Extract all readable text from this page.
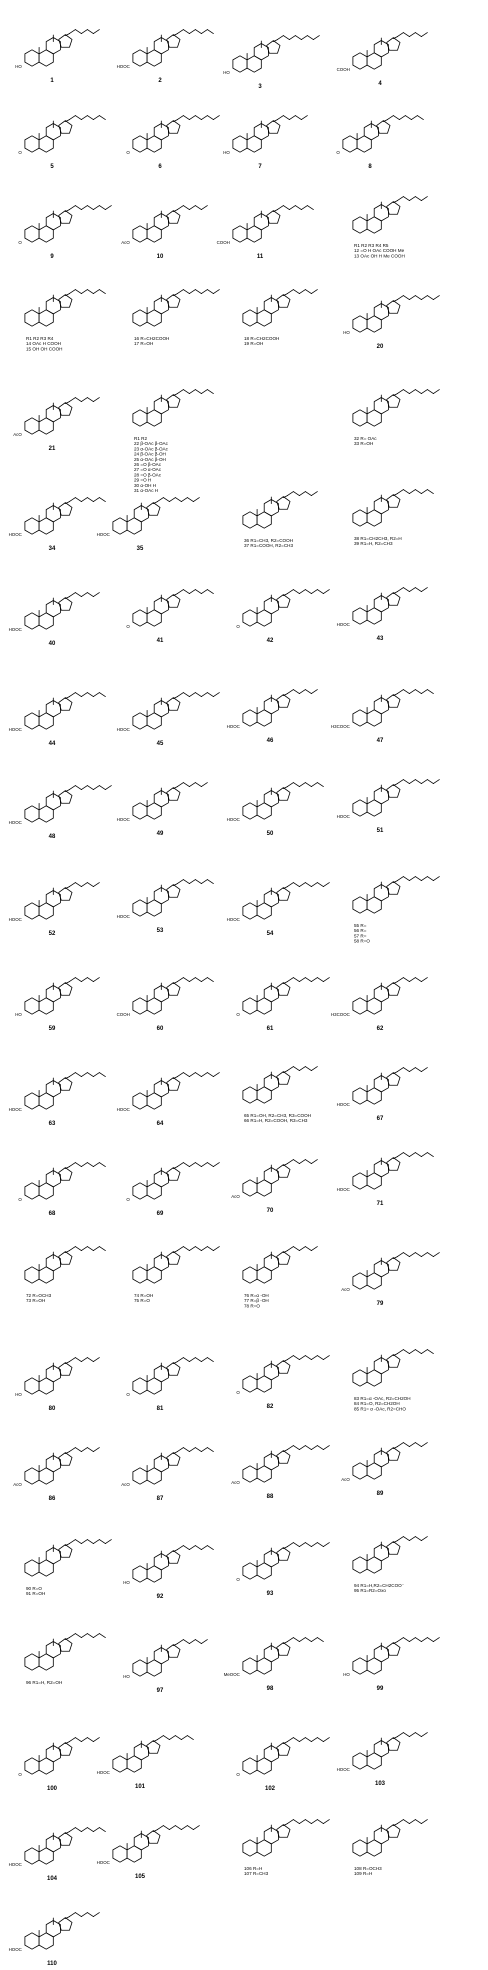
HO
1
HOOC
2
HO
3
COOH
4
O
5
O
6
HO
7
O
8
O
9
AcO
10
COOH
11
HO
20
AcO
21
HOOC
34
HOOC
35
HOOC
40
O
41
O
42
HOOC
43
HOOC
44
HOOC
45
HOOC
46
H3COOC
47
HOOC
48
HOOC
49
HOOC
50
HOOC
51
HOOC
52
HOOC
53
HOOC
54
HO
59
COOH
60
O
61
H3COOC
62
HOOC
63
HOOC
64
HOOC
67
O
68
O
69
AcO
70
HOOC
71
AcO
79
HO
80
O
81
O
82
AcO
86
AcO
87
AcO
88
AcO
89
HO
92
O
93
HO
97
MeOOC
98
HO
99
O
100
HOOC
101
O
102
HOOC
103
HOOC
104
HOOC
105
HOOC
110
R1 R2 R3 R4 R5
12 =O H OAc COOH Me
13 OAc OH H Me COOH
R1 R2 R3 R4
14 OAc H COOH
15 OH OH COOH
16 R=CH2COOH
17 R=OH
18 R=CH2COOH
19 R=OH
R1 R2
22 β-OAc β-OAc
23 α-OAc β-OAc
24 β-OAc β-OH
25 α-OAc β-OH
26 =O β-OAc
27 =O α-OAc
28 =O β-OAc
29 =O H
30 α-OH H
31 α-OAc H
32 R= OAc
33 R=OH
36 R1=CH3, R2=COOH
37 R1=COOH, R2=CH3
38 R1=CH2CH3, R2=H
39 R1=H, R2=CH3
55 R=
56 R=
57 R=
58 R=O
65 R1=OH, R2=CH3, R3=COOH
66 R1=H, R2=COOH, R3=CH3
72 R=OCH3
73 R=OH
74 R=OH
75 R=O
76 R=α -OH
77 R=β -OH
78 R=O
83 R1=α -OAc, R2=CH2OH
84 R1=O, R2=CH2OH
85 R1= α -OAc, R2=CHO
90 R=O
91 R=OH
94 R1=H,R2=CH2COO⁻
95 R1=R2=Oxo
96 R1=H, R2=OH
106 R=H
107 R=CH3
108 R=OCH3
109 R=H
